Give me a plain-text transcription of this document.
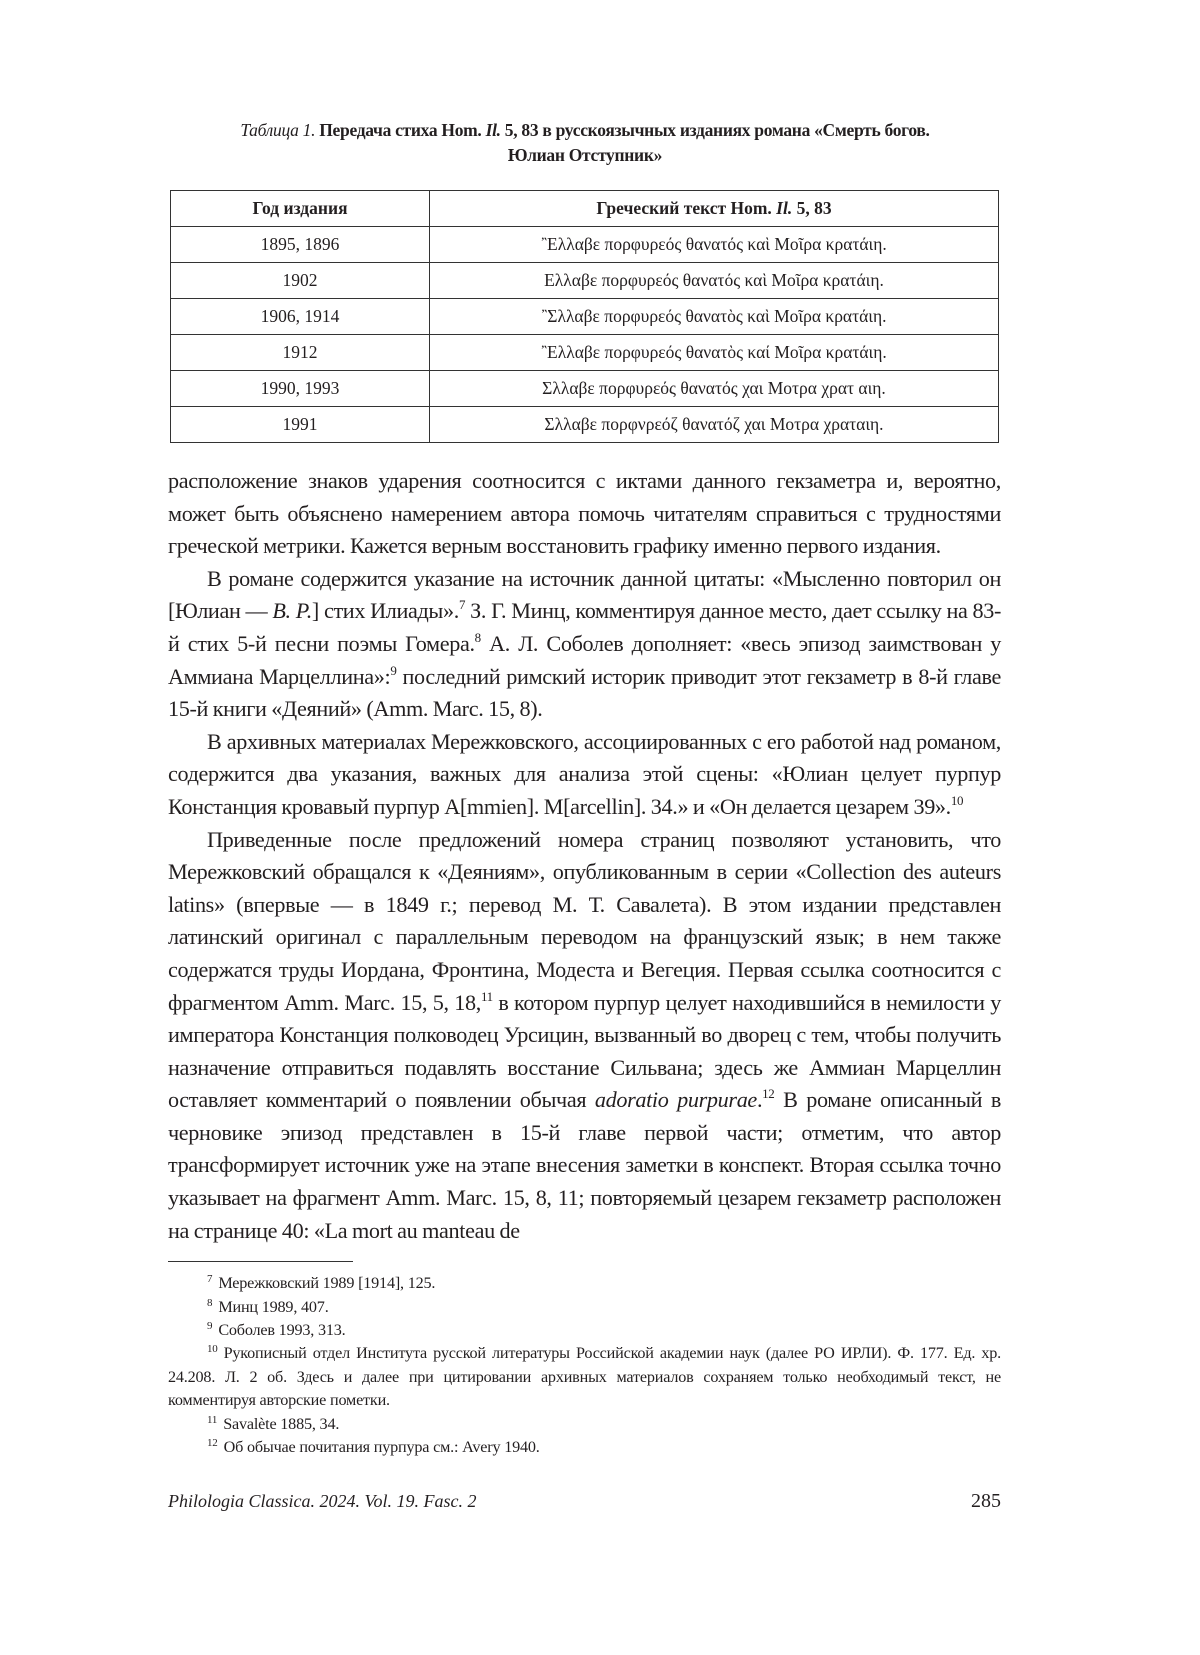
Таблица 1. Передача стиха Hom. Il. 5, 83 в русскоязычных изданиях романа «Смерть богов.
Юлиан Отступник»
Год издания	Греческий текст Hom. Il. 5, 83
1895, 1896	῍Ελλαβε πορφυρεός θανατός καὶ Μοῖρα κρατάιη.
1902	Ελλαβε πορφυρεός θανατός καὶ Μοῖρα κρατάιη.
1906, 1914	῍Σλλαβε πορφυρεός θανατὸς καὶ Μοῖρα κρατάιη.
1912	῍Ελλαβε πορφυρεός θανατὸς καί Μοῖρα κρατάιη.
1990, 1993	Σλλαβε πορφυρεός θανατός χαι Μοτρα χρατ αιη.
1991	Σλλαβε πορφνρεόζ θανατόζ χαι Μοτρα χραταιη.

расположение знаков ударения соотносится с иктами данного гекзаметра и, вероятно, может быть объяснено намерением автора помочь читателям справиться с трудностями греческой метрики. Кажется верным восстановить графику именно первого издания.

В романе содержится указание на источник данной цитаты: «Мысленно повторил он [Юлиан — В. Р.] стих Илиады».$^7$ З. Г. Минц, комментируя данное место, дает ссылку на 83-й стих 5-й песни поэмы Гомера.$^8$ А. Л. Соболев дополняет: «весь эпизод заимствован у Аммиана Марцеллина»:$^9$ последний римский историк приводит этот гекзаметр в 8-й главе 15-й книги «Деяний» (Amm. Marc. 15, 8).

В архивных материалах Мережковского, ассоциированных с его работой над романом, содержится два указания, важных для анализа этой сцены: «Юлиан целует пурпур Констанция кровавый пурпур A[mmien]. M[arcellin]. 34.» и «Он делается цезарем 39».$^{10}$

Приведенные после предложений номера страниц позволяют установить, что Мережковский обращался к «Деяниям», опубликованным в серии «Collection des auteurs latins» (впервые — в 1849 г.; перевод М. Т. Савалета). В этом издании представлен латинский оригинал с параллельным переводом на французский язык; в нем также содержатся труды Иордана, Фронтина, Модеста и Вегеция. Первая ссылка соотносится с фрагментом Amm. Marc. 15, 5, 18,11 в котором пурпур целует находившийся в немилости у императора Констанция полководец Урсицин, вызванный во дворец с тем, чтобы получить назначение отправиться подавлять восстание Сильвана; здесь же Аммиан Марцеллин оставляет комментарий о появлении обычая adoratio purpurae.$^{12}$ В романе описанный в черновике эпизод представлен в 15-й главе первой части; отметим, что автор трансформирует источник уже на этапе внесения заметки в конспект. Вторая ссылка точно указывает на фрагмент Amm. Marc. 15, 8, 11; повторяемый цезарем гекзаметр расположен на странице 40: «La mort au manteau de

$^7$ Мережковский 1989 [1914], 125.

$^8$ Минц 1989, 407.

$^9$ Соболев 1993, 313.

$^{10}$ Рукописный отдел Института русской литературы Российской академии наук (далее РО ИРЛИ). Ф. 177. Ед. хр. 24.208. Л. 2 об. Здесь и далее при цитировании архивных материалов сохраняем только необходимый текст, не комментируя авторские пометки.

$^{11}$ Savalète 1885, 34.

$^{12}$ Об обычае почитания пурпура см.: Avery 1940.

Philologia Classica. 2024. Vol. 19. Fasc. 2	285
